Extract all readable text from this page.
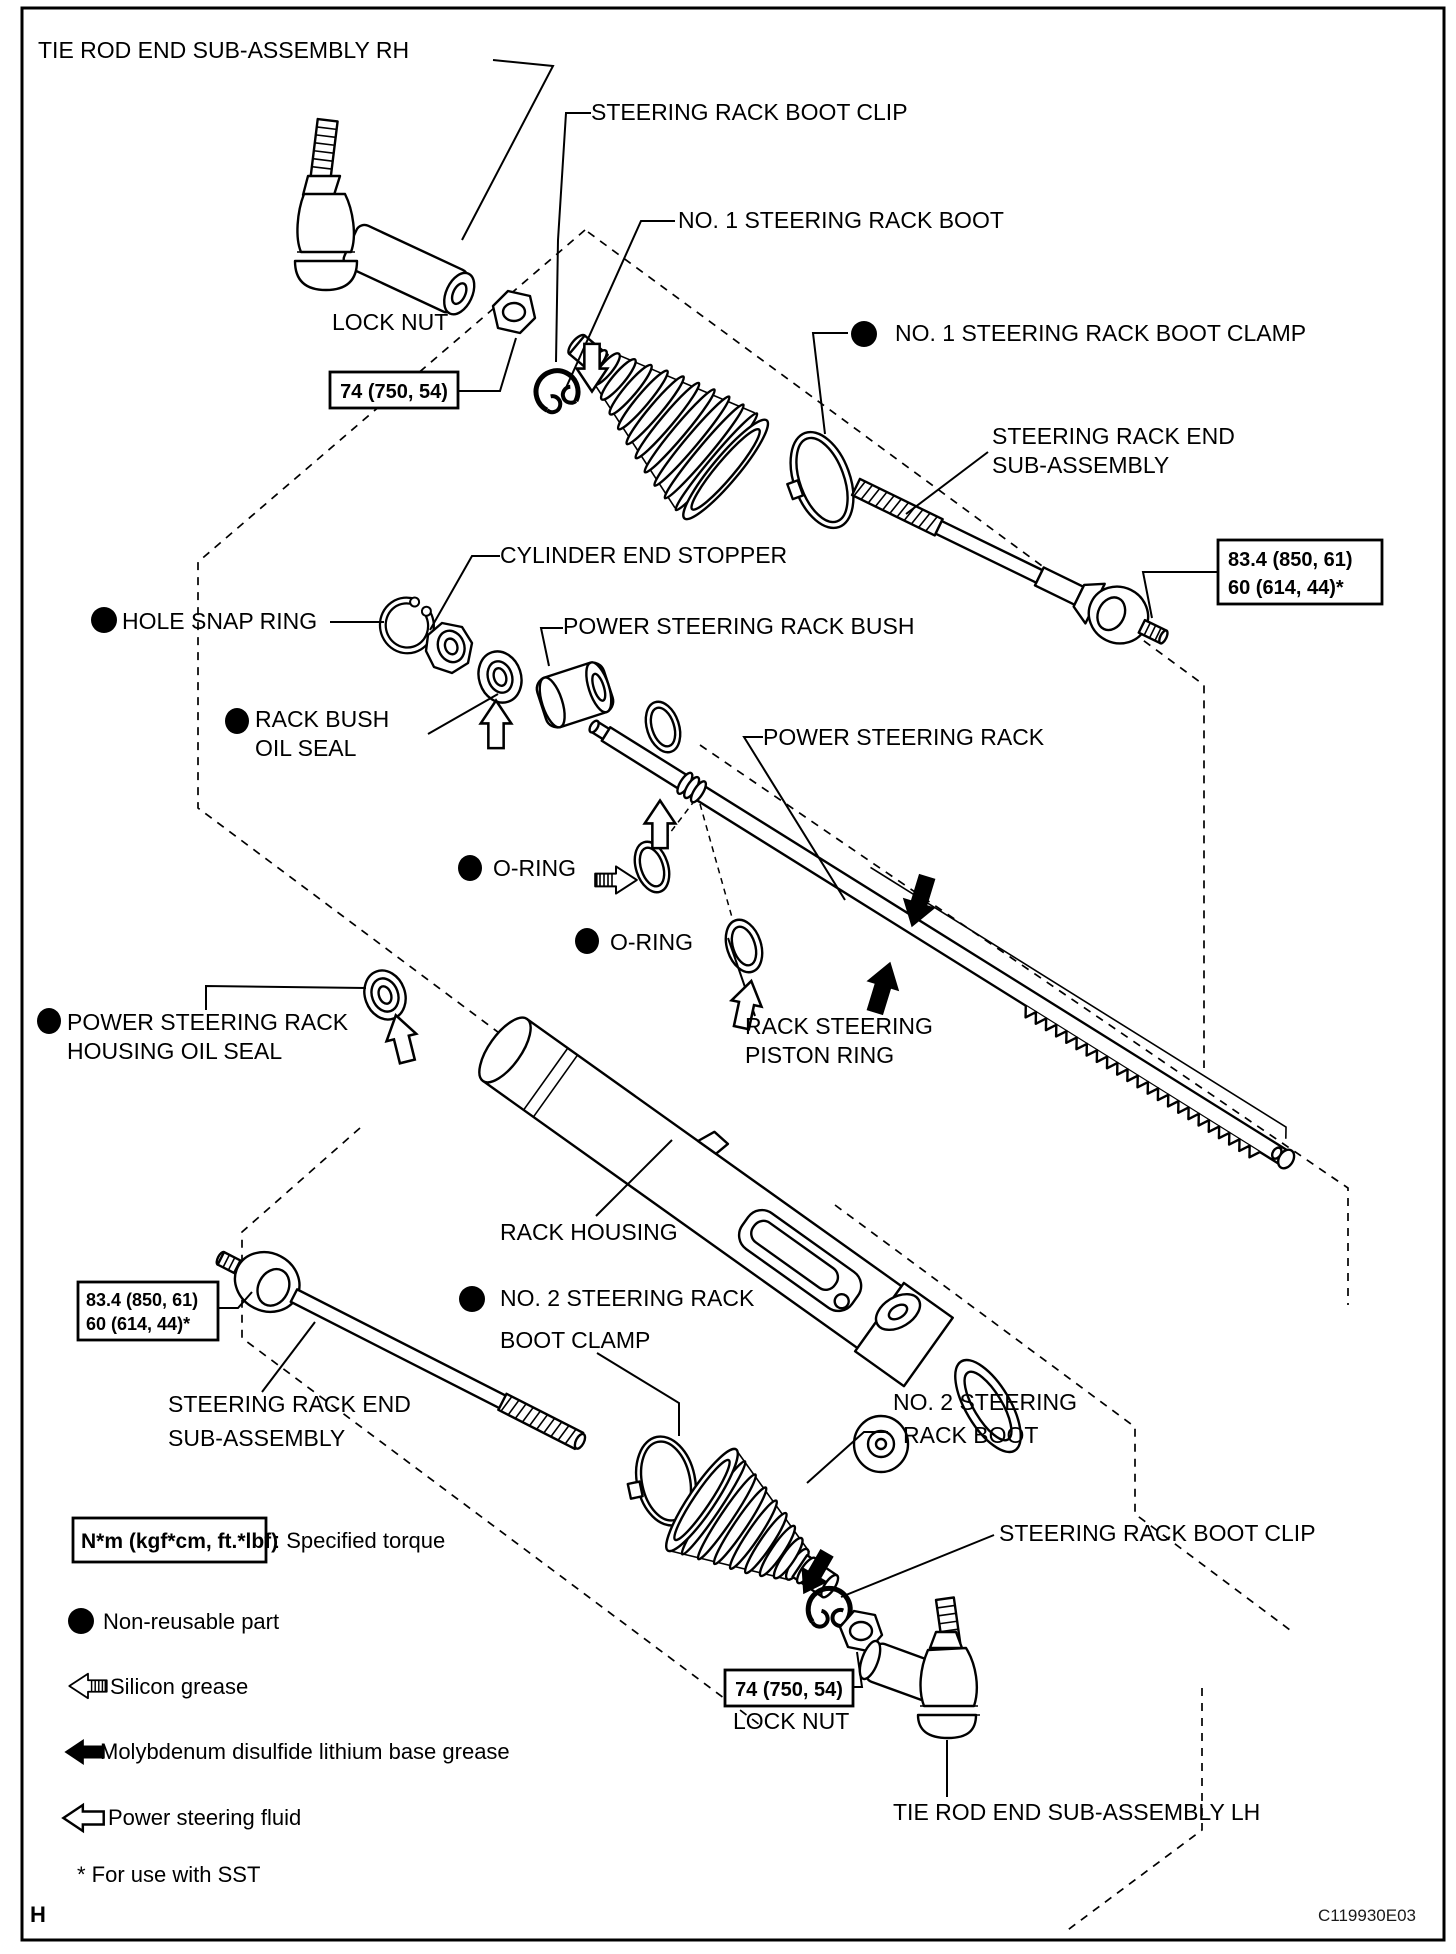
74 (750, 54)
83.4 (850, 61)
60 (614, 44)*
83.4 (850, 61)
60 (614, 44)*
74 (750, 54)
TIE ROD END SUB-ASSEMBLY RH
STEERING RACK BOOT CLIP
NO. 1 STEERING RACK BOOT
LOCK NUT	NO. 1 STEERING RACK BOOT CLAMP
STEERING RACK END
SUB-ASSEMBLY
CYLINDER END STOPPER
HOLE SNAP RING	POWER STEERING RACK BUSH
RACK BUSH
OIL SEAL
O-RING
POWER STEERING RACK
O-RING
RACK STEERING
PISTON RING
POWER STEERING RACK
HOUSING OIL SEAL
RACK HOUSING
NO. 2 STEERING RACK
BOOT CLAMP
STEERING RACK END
SUB-ASSEMBLY
NO. 2 STEERING
RACK BOOT
STEERING RACK BOOT CLIP
LOCK NUT
TIE ROD END SUB-ASSEMBLY LH
N*m (kgf*cm, ft.*lbf)
: Specified torque
Non-reusable part
Silicon grease
Molybdenum disulfide lithium base grease
Power steering fluid
* For use with SST
H	C119930E03
